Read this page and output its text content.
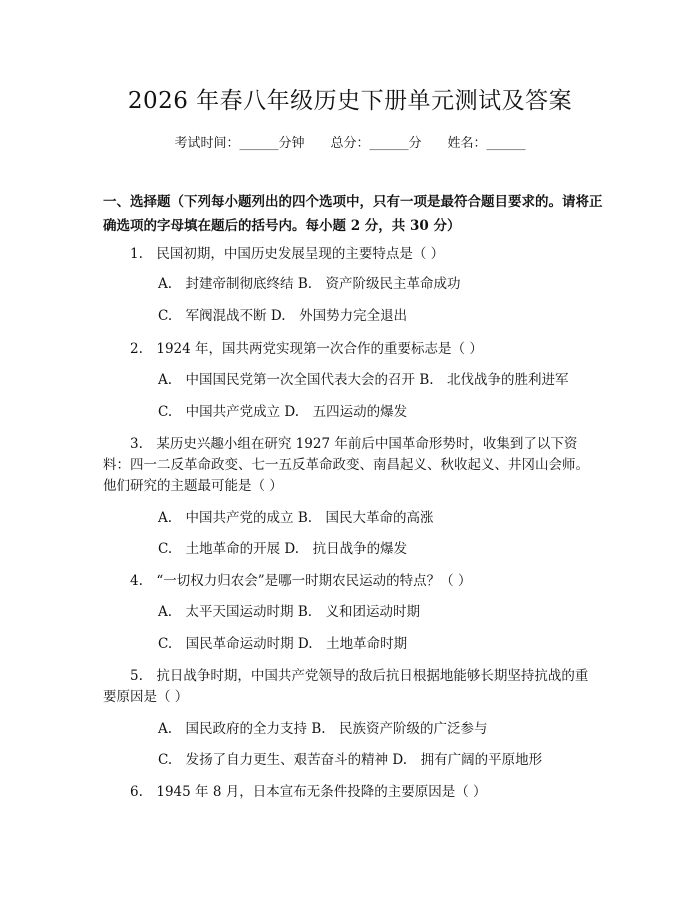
2026 年春八年级历史下册单元测试及答案
考试时间：______分钟 总分：______分 姓名：______
一、选择题（下列每小题列出的四个选项中，只有一项是最符合题目要求的。请将正确选项的字母填在题后的括号内。每小题 2 分，共 30 分）
1.　民国初期，中国历史发展呈现的主要特点是（ ）
A.　封建帝制彻底终结 B.　资产阶级民主革命成功
C.　军阀混战不断 D.　外国势力完全退出
2.　1924 年，国共两党实现第一次合作的重要标志是（ ）
A.　中国国民党第一次全国代表大会的召开 B.　北伐战争的胜利进军
C.　中国共产党成立 D.　五四运动的爆发
3.　某历史兴趣小组在研究 1927 年前后中国革命形势时，收集到了以下资
料：四一二反革命政变、七一五反革命政变、南昌起义、秋收起义、井冈山会师。
他们研究的主题最可能是（ ）
A.　中国共产党的成立 B.　国民大革命的高涨
C.　土地革命的开展 D.　抗日战争的爆发
4.　“一切权力归农会”是哪一时期农民运动的特点？（ ）
A.　太平天国运动时期 B.　义和团运动时期
C.　国民革命运动时期 D.　土地革命时期
5.　抗日战争时期，中国共产党领导的敌后抗日根据地能够长期坚持抗战的重
要原因是（ ）
A.　国民政府的全力支持 B.　民族资产阶级的广泛参与
C.　发扬了自力更生、艰苦奋斗的精神 D.　拥有广阔的平原地形
6.　1945 年 8 月，日本宣布无条件投降的主要原因是（ ）
